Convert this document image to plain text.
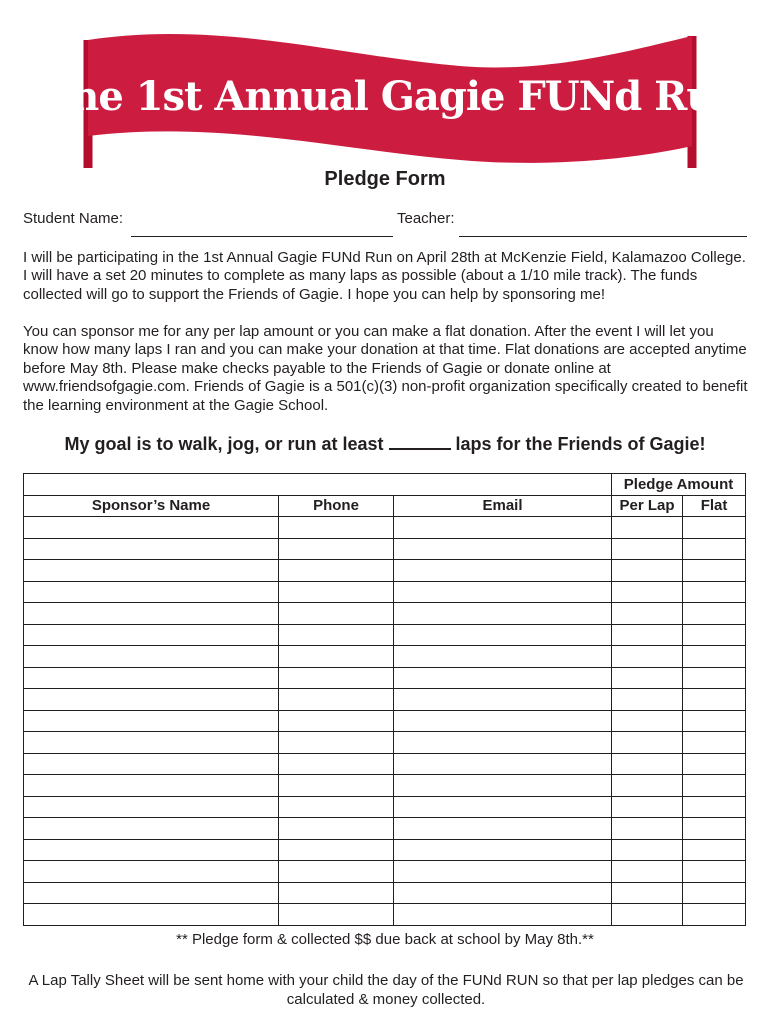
The 1st Annual Gagie FUNd Run
Pledge Form
Student Name:	Teacher:
I will be participating in the 1st Annual Gagie FUNd Run on April 28th at McKenzie Field, Kalamazoo College. I will have a set 20 minutes to complete as many laps as possible (about a 1/10 mile track). The funds collected will go to support the Friends of Gagie. I hope you can help by sponsoring me!
You can sponsor me for any per lap amount or you can make a flat donation. After the event I will let you know how many laps I ran and you can make your donation at that time. Flat donations are accepted anytime before May 8th. Please make checks payable to the Friends of Gagie or donate online at www.friendsofgagie.com. Friends of Gagie is a 501(c)(3) non-profit organization specifically created to benefit the learning environment at the Gagie School.
My goal is to walk, jog, or run at least	laps for the Friends of Gagie!
			Pledge Amount	
Sponsor’s Name	Phone	Email	Per Lap	Flat

** Pledge form & collected $$ due back at school by May 8th.**
A Lap Tally Sheet will be sent home with your child the day of the FUNd RUN so that per lap pledges can be calculated & money collected.
